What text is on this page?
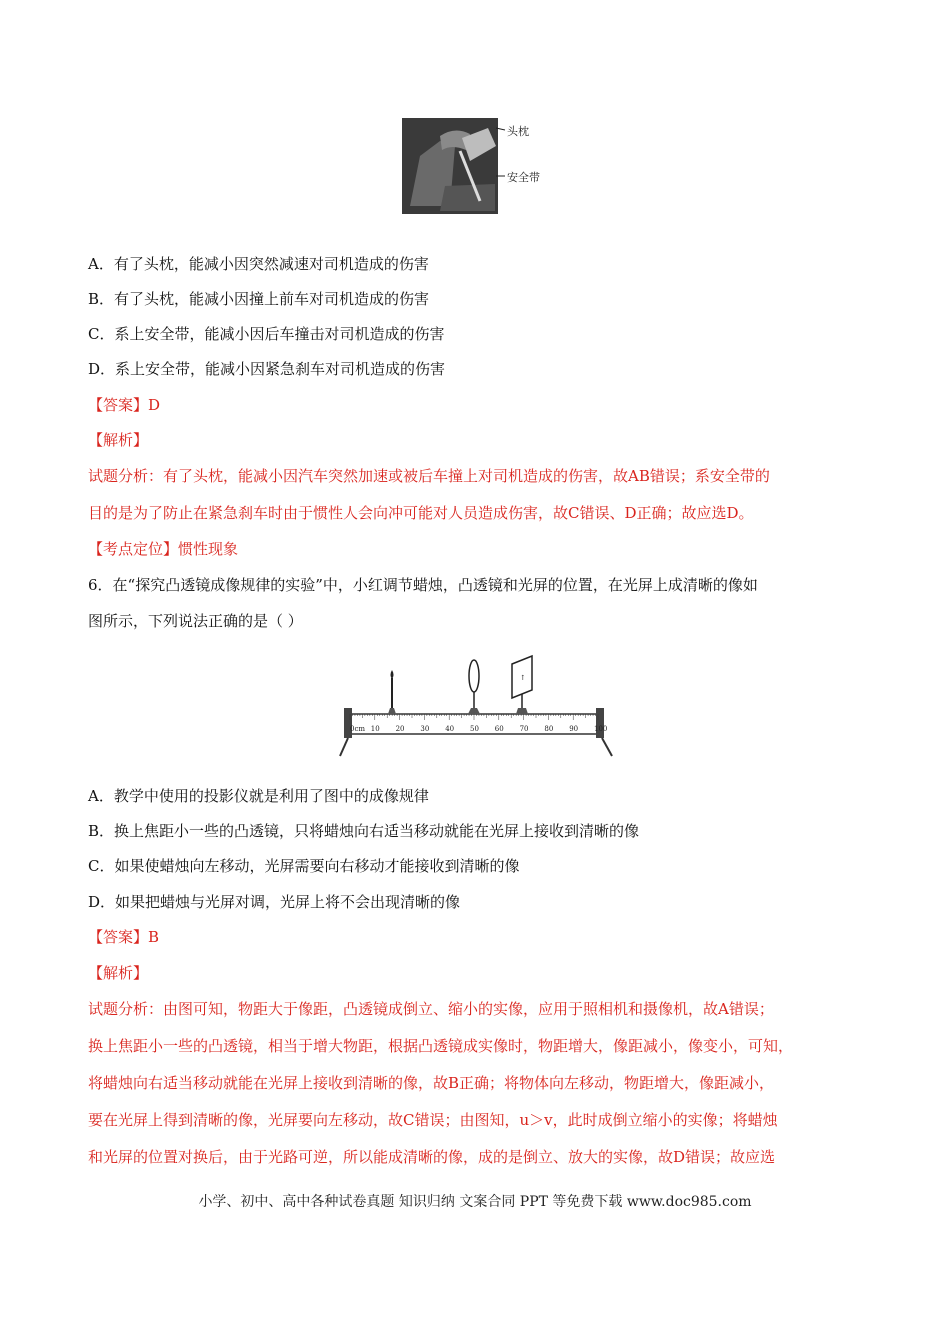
头枕
安全带
A．有了头枕，能减小因突然减速对司机造成的伤害
B．有了头枕，能减小因撞上前车对司机造成的伤害
C．系上安全带，能减小因后车撞击对司机造成的伤害
D．系上安全带，能减小因紧急刹车对司机造成的伤害
【答案】D
【解析】
试题分析：有了头枕，能减小因汽车突然加速或被后车撞上对司机造成的伤害，故AB错误；系安全带的
目的是为了防止在紧急刹车时由于惯性人会向冲可能对人员造成伤害，故C错误、D正确；故应选D。
【考点定位】惯性现象
6．在“探究凸透镜成像规律的实验”中，小红调节蜡烛，凸透镜和光屏的位置，在光屏上成清晰的像如
图所示，下列说法正确的是（ ）
0cm 10 20 30 40 50 60 70 80 90 100
↑
A．教学中使用的投影仪就是利用了图中的成像规律
B．换上焦距小一些的凸透镜，只将蜡烛向右适当移动就能在光屏上接收到清晰的像
C．如果使蜡烛向左移动，光屏需要向右移动才能接收到清晰的像
D．如果把蜡烛与光屏对调，光屏上将不会出现清晰的像
【答案】B
【解析】
试题分析：由图可知，物距大于像距，凸透镜成倒立、缩小的实像，应用于照相机和摄像机，故A错误；
换上焦距小一些的凸透镜，相当于增大物距，根据凸透镜成实像时，物距增大，像距减小，像变小，可知，
将蜡烛向右适当移动就能在光屏上接收到清晰的像，故B正确；将物体向左移动，物距增大，像距减小，
要在光屏上得到清晰的像，光屏要向左移动，故C错误；由图知，u＞v，此时成倒立缩小的实像；将蜡烛
和光屏的位置对换后，由于光路可逆，所以能成清晰的像，成的是倒立、放大的实像，故D错误；故应选
小学、初中、高中各种试卷真题 知识归纳 文案合同 PPT 等免费下载 www.doc985.com
